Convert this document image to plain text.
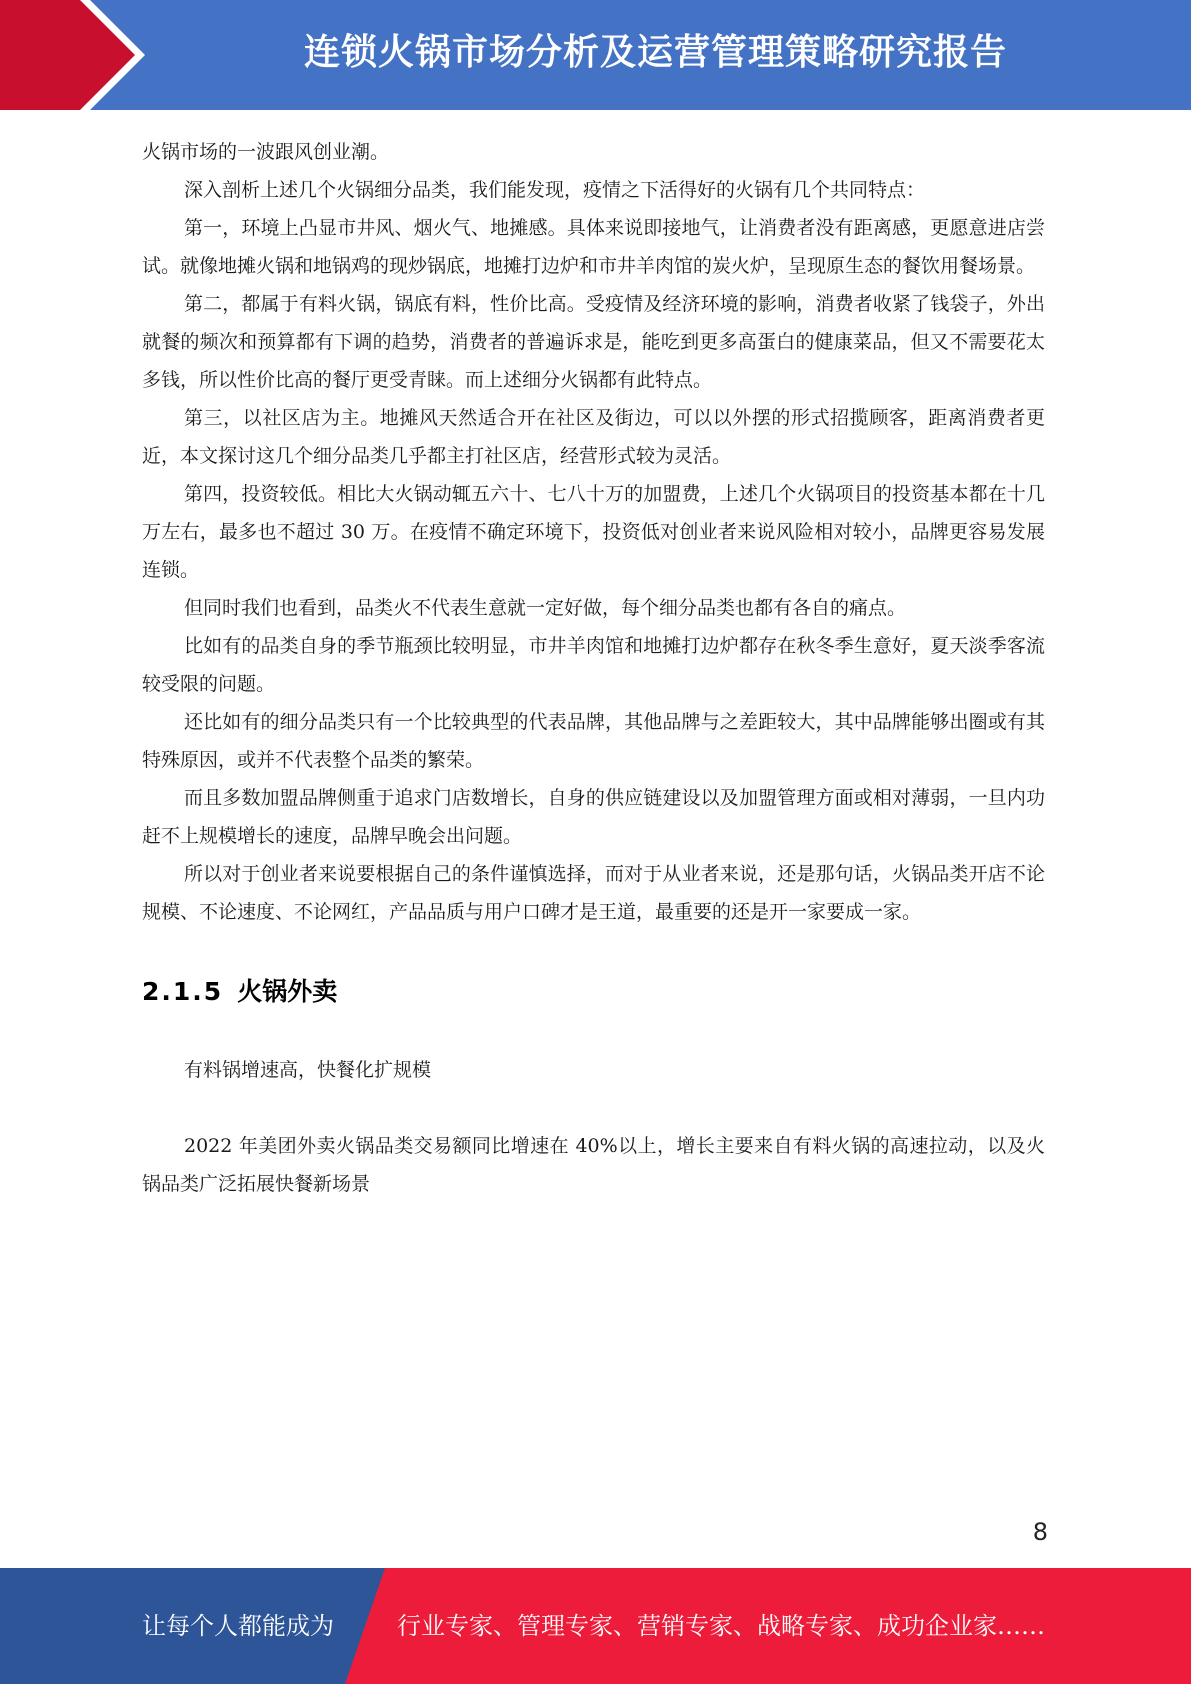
连锁火锅市场分析及运营管理策略研究报告

火锅市场的一波跟风创业潮。

深入剖析上述几个火锅细分品类，我们能发现，疫情之下活得好的火锅有几个共同特点：

第一，环境上凸显市井风、烟火气、地摊感。具体来说即接地气，让消费者没有距离感，更愿意进店尝试。就像地摊火锅和地锅鸡的现炒锅底，地摊打边炉和市井羊肉馆的炭火炉，呈现原生态的餐饮用餐场景。

第二，都属于有料火锅，锅底有料，性价比高。受疫情及经济环境的影响，消费者收紧了钱袋子，外出就餐的频次和预算都有下调的趋势，消费者的普遍诉求是，能吃到更多高蛋白的健康菜品，但又不需要花太多钱，所以性价比高的餐厅更受青睐。而上述细分火锅都有此特点。

第三，以社区店为主。地摊风天然适合开在社区及街边，可以以外摆的形式招揽顾客，距离消费者更近，本文探讨这几个细分品类几乎都主打社区店，经营形式较为灵活。

第四，投资较低。相比大火锅动辄五六十、七八十万的加盟费，上述几个火锅项目的投资基本都在十几万左右，最多也不超过 30 万。在疫情不确定环境下，投资低对创业者来说风险相对较小，品牌更容易发展连锁。

但同时我们也看到，品类火不代表生意就一定好做，每个细分品类也都有各自的痛点。

比如有的品类自身的季节瓶颈比较明显，市井羊肉馆和地摊打边炉都存在秋冬季生意好，夏天淡季客流较受限的问题。

还比如有的细分品类只有一个比较典型的代表品牌，其他品牌与之差距较大，其中品牌能够出圈或有其特殊原因，或并不代表整个品类的繁荣。

而且多数加盟品牌侧重于追求门店数增长，自身的供应链建设以及加盟管理方面或相对薄弱，一旦内功赶不上规模增长的速度，品牌早晚会出问题。

所以对于创业者来说要根据自己的条件谨慎选择，而对于从业者来说，还是那句话，火锅品类开店不论规模、不论速度、不论网红，产品品质与用户口碑才是王道，最重要的还是开一家要成一家。

2.1.5 火锅外卖

有料锅增速高，快餐化扩规模

2022 年美团外卖火锅品类交易额同比增速在 40%以上，增长主要来自有料火锅的高速拉动，以及火锅品类广泛拓展快餐新场景

8
让每个人都能成为	行业专家、管理专家、营销专家、战略专家、成功企业家……
